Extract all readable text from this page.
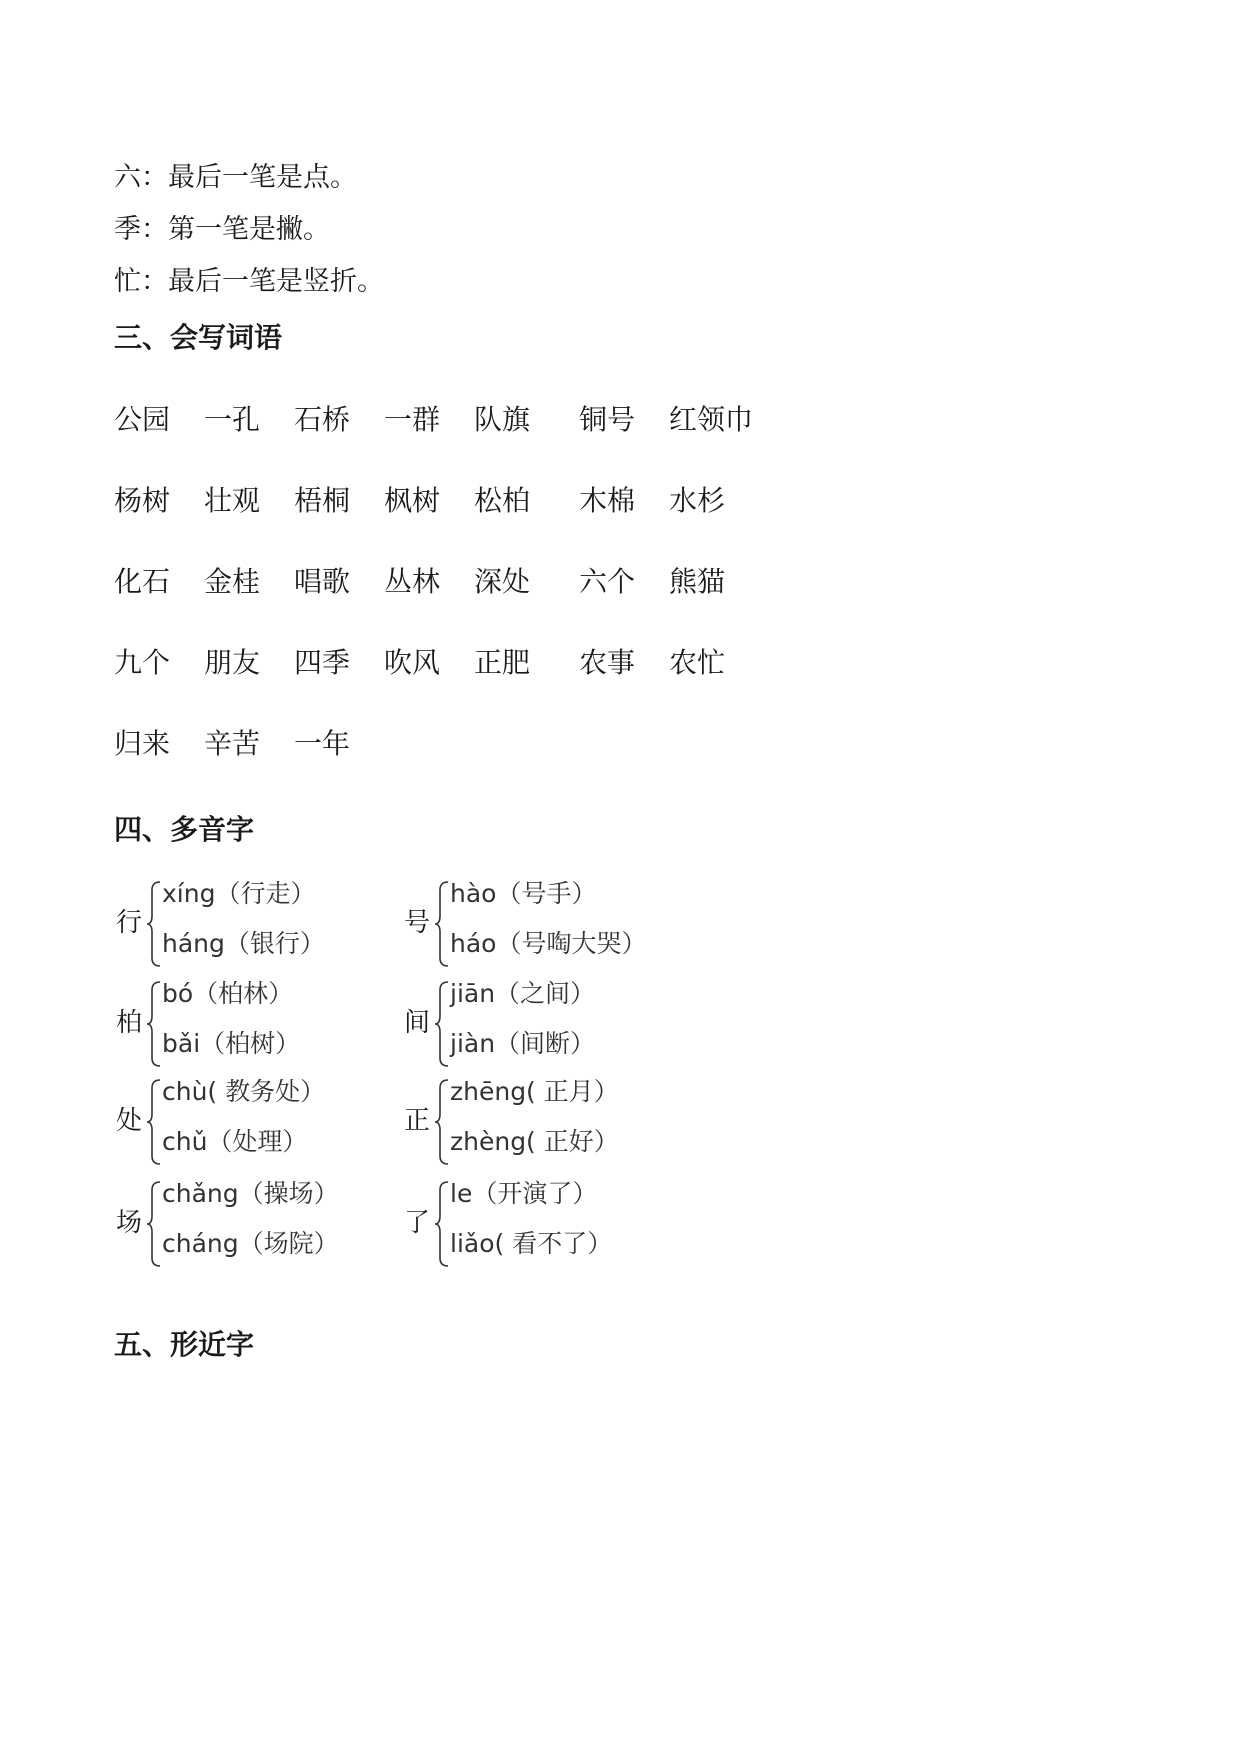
六：最后一笔是点。
季：第一笔是撇。
忙：最后一笔是竖折。
三、会写词语
公园 一孔 石桥 一群 队旗 铜号 红领巾
杨树 壮观 梧桐 枫树 松柏 木棉 水杉
化石 金桂 唱歌 丛林 深处 六个 熊猫
九个 朋友 四季 吹风 正肥 农事 农忙
归来 辛苦 一年
四、多音字
行
xíng（行走）
háng（银行）
号
hào（号手）
háo（号啕大哭）
柏
bó（柏林）
bǎi（柏树）
间
jiān（之间）
jiàn（间断）
处
chù( 教务处）
chǔ（处理）
正
zhēng( 正月）
zhèng( 正好）
场
chǎng（操场）
cháng（场院）
了
le（开演了）
liǎo( 看不了）
五、形近字
